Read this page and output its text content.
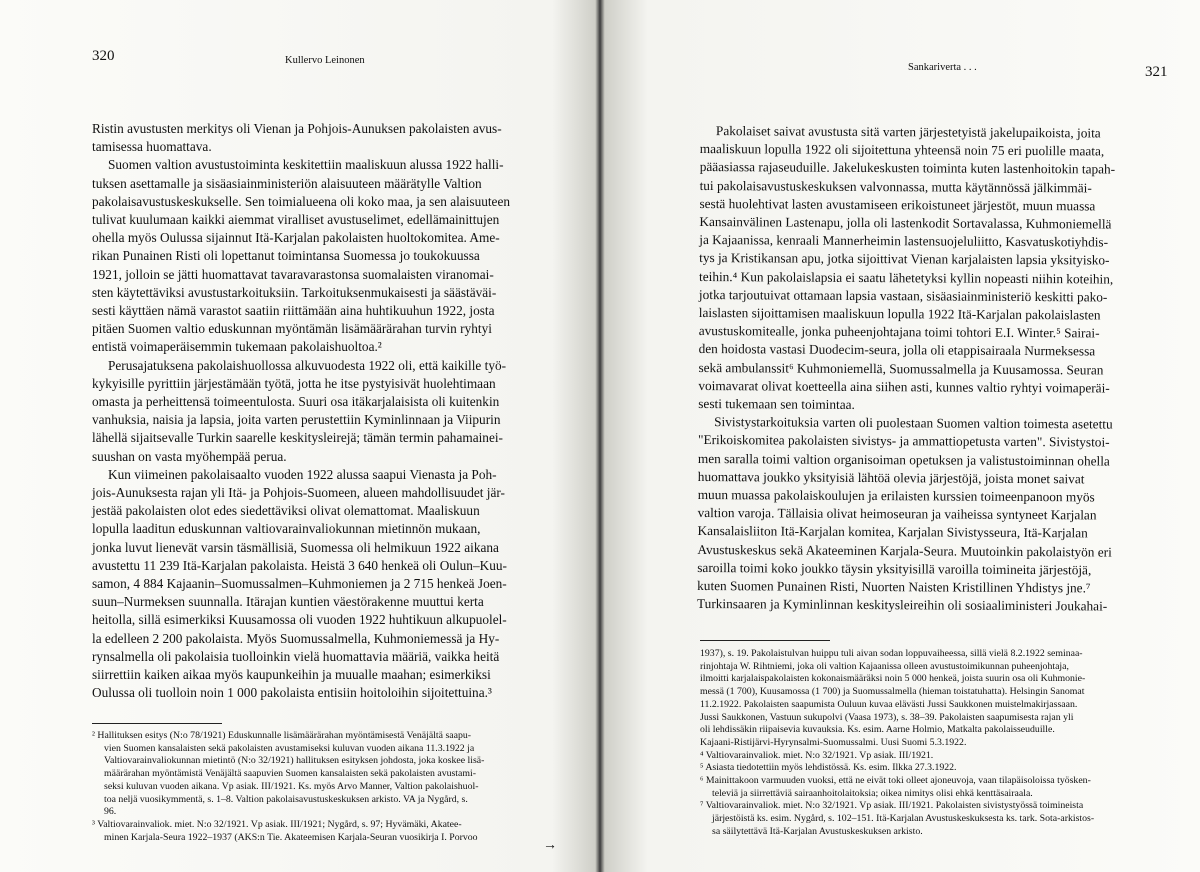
320	Kullervo Leinonen
Ristin avustusten merkitys oli Vienan ja Pohjois-Aunuksen pakolaisten avus-
tamisessa huomattava.
Suomen valtion avustustoiminta keskitettiin maaliskuun alussa 1922 halli-
tuksen asettamalle ja sisäasiainministeriön alaisuuteen määrätylle Valtion
pakolaisavustuskeskukselle. Sen toimialueena oli koko maa, ja sen alaisuuteen
tulivat kuulumaan kaikki aiemmat viralliset avustuselimet, edellämainittujen
ohella myös Oulussa sijainnut Itä-Karjalan pakolaisten huoltokomitea. Ame-
rikan Punainen Risti oli lopettanut toimintansa Suomessa jo toukokuussa
1921, jolloin se jätti huomattavat tavaravarastonsa suomalaisten viranomai-
sten käytettäviksi avustustarkoituksiin. Tarkoituksenmukaisesti ja säästäväi-
sesti käyttäen nämä varastot saatiin riittämään aina huhtikuuhun 1922, josta
pitäen Suomen valtio eduskunnan myöntämän lisämäärärahan turvin ryhtyi
entistä voimaperäisemmin tukemaan pakolaishuoltoa.²
Perusajatuksena pakolaishuollossa alkuvuodesta 1922 oli, että kaikille työ-
kykyisille pyrittiin järjestämään työtä, jotta he itse pystyisivät huolehtimaan
omasta ja perheittensä toimeentulosta. Suuri osa itäkarjalaisista oli kuitenkin
vanhuksia, naisia ja lapsia, joita varten perustettiin Kyminlinnaan ja Viipurin
lähellä sijaitsevalle Turkin saarelle keskitysleirejä; tämän termin pahamainei-
suushan on vasta myöhempää perua.
Kun viimeinen pakolaisaalto vuoden 1922 alussa saapui Vienasta ja Poh-
jois-Aunuksesta rajan yli Itä- ja Pohjois-Suomeen, alueen mahdollisuudet jär-
jestää pakolaisten olot edes siedettäviksi olivat olemattomat. Maaliskuun
lopulla laaditun eduskunnan valtiovarainvaliokunnan mietinnön mukaan,
jonka luvut lienevät varsin täsmällisiä, Suomessa oli helmikuun 1922 aikana
avustettu 11 239 Itä-Karjalan pakolaista. Heistä 3 640 henkeä oli Oulun–Kuu-
samon, 4 884 Kajaanin–Suomussalmen–Kuhmoniemen ja 2 715 henkeä Joen-
suun–Nurmeksen suunnalla. Itärajan kuntien väestörakenne muuttui kerta
heitolla, sillä esimerkiksi Kuusamossa oli vuoden 1922 huhtikuun alkupuolel-
la edelleen 2 200 pakolaista. Myös Suomussalmella, Kuhmoniemessä ja Hy-
rynsalmella oli pakolaisia tuolloinkin vielä huomattavia määriä, vaikka heitä
siirrettiin kaiken aikaa myös kaupunkeihin ja muualle maahan; esimerkiksi
Oulussa oli tuolloin noin 1 000 pakolaista entisiin hoitoloihin sijoitettuina.³
² Hallituksen esitys (N:o 78/1921) Eduskunnalle lisämäärärahan myöntämisestä Venäjältä saapu-
vien Suomen kansalaisten sekä pakolaisten avustamiseksi kuluvan vuoden aikana 11.3.1922 ja
Valtiovarainvaliokunnan mietintö (N:o 32/1921) hallituksen esityksen johdosta, joka koskee lisä-
määrärahan myöntämistä Venäjältä saapuvien Suomen kansalaisten sekä pakolaisten avustami-
seksi kuluvan vuoden aikana. Vp asiak. III/1921. Ks. myös Arvo Manner, Valtion pakolaishuol-
toa neljä vuosikymmentä, s. 1–8. Valtion pakolaisavustuskeskuksen arkisto. VA ja Nygård, s.
96.
³ Valtiovarainvaliok. miet. N:o 32/1921. Vp asiak. III/1921; Nygård, s. 97; Hyvämäki, Akatee-
minen Karjala-Seura 1922–1937 (AKS:n Tie. Akateemisen Karjala-Seuran vuosikirja I. Porvoo
→
321
Sankariverta . . .
Pakolaiset saivat avustusta sitä varten järjestetyistä jakelupaikoista, joita
maaliskuun lopulla 1922 oli sijoitettuna yhteensä noin 75 eri puolille maata,
pääasiassa rajaseuduille. Jakelukeskusten toiminta kuten lastenhoitokin tapah-
tui pakolaisavustuskeskuksen valvonnassa, mutta käytännössä jälkimmäi-
sestä huolehtivat lasten avustamiseen erikoistuneet järjestöt, muun muassa
Kansainvälinen Lastenapu, jolla oli lastenkodit Sortavalassa, Kuhmoniemellä
ja Kajaanissa, kenraali Mannerheimin lastensuojeluliitto, Kasvatuskotiyhdis-
tys ja Kristikansan apu, jotka sijoittivat Vienan karjalaisten lapsia yksityisko-
teihin.⁴ Kun pakolaislapsia ei saatu lähetetyksi kyllin nopeasti niihin koteihin,
jotka tarjoutuivat ottamaan lapsia vastaan, sisäasiainministeriö keskitti pako-
laislasten sijoittamisen maaliskuun lopulla 1922 Itä-Karjalan pakolaislasten
avustuskomitealle, jonka puheenjohtajana toimi tohtori E.I. Winter.⁵ Sairai-
den hoidosta vastasi Duodecim-seura, jolla oli etappisairaala Nurmeksessa
sekä ambulanssit⁶ Kuhmoniemellä, Suomussalmella ja Kuusamossa. Seuran
voimavarat olivat koetteella aina siihen asti, kunnes valtio ryhtyi voimaperäi-
sesti tukemaan sen toimintaa.
Sivistystarkoituksia varten oli puolestaan Suomen valtion toimesta asetettu
"Erikoiskomitea pakolaisten sivistys- ja ammattiopetusta varten". Sivistystoi-
men saralla toimi valtion organisoiman opetuksen ja valistustoiminnan ohella
huomattava joukko yksityisiä lähtöä olevia järjestöjä, joista monet saivat
muun muassa pakolaiskoulujen ja erilaisten kurssien toimeenpanoon myös
valtion varoja. Tällaisia olivat heimoseuran ja vaiheissa syntyneet Karjalan
Kansalaisliiton Itä-Karjalan komitea, Karjalan Sivistysseura, Itä-Karjalan
Avustuskeskus sekä Akateeminen Karjala-Seura. Muutoinkin pakolaistyön eri
saroilla toimi koko joukko täysin yksityisillä varoilla toimineita järjestöjä,
kuten Suomen Punainen Risti, Nuorten Naisten Kristillinen Yhdistys jne.⁷
Turkinsaaren ja Kyminlinnan keskitysleireihin oli sosiaaliministeri Joukahai-
1937), s. 19. Pakolaistulvan huippu tuli aivan sodan loppuvaiheessa, sillä vielä 8.2.1922 seminaa-
rinjohtaja W. Rihtniemi, joka oli valtion Kajaanissa olleen avustustoimikunnan puheenjohtaja,
ilmoitti karjalaispakolaisten kokonaismääräksi noin 5 000 henkeä, joista suurin osa oli Kuhmonie-
messä (1 700), Kuusamossa (1 700) ja Suomussalmella (hieman toistatuhatta). Helsingin Sanomat
11.2.1922. Pakolaisten saapumista Ouluun kuvaa elävästi Jussi Saukkonen muistelmakirjassaan.
Jussi Saukkonen, Vastuun sukupolvi (Vaasa 1973), s. 38–39. Pakolaisten saapumisesta rajan yli
oli lehdissäkin riipaisevia kuvauksia. Ks. esim. Aarne Holmio, Matkalta pakolaisseuduille.
Kajaani-Ristijärvi-Hyrynsalmi-Suomussalmi. Uusi Suomi 5.3.1922.
⁴ Valtiovarainvaliok. miet. N:o 32/1921. Vp asiak. III/1921.
⁵ Asiasta tiedotettiin myös lehdistössä. Ks. esim. Ilkka 27.3.1922.
⁶ Mainittakoon varmuuden vuoksi, että ne eivät toki olleet ajoneuvoja, vaan tilapäisoloissa työsken-
televiä ja siirrettäviä sairaanhoitolaitoksia; oikea nimitys olisi ehkä kenttäsairaala.
⁷ Valtiovarainvaliok. miet. N:o 32/1921. Vp asiak. III/1921. Pakolaisten sivistystyössä toimineista
järjestöistä ks. esim. Nygård, s. 102–151. Itä-Karjalan Avustuskeskuksesta ks. tark. Sota-arkistos-
sa säilytettävä Itä-Karjalan Avustuskeskuksen arkisto.
